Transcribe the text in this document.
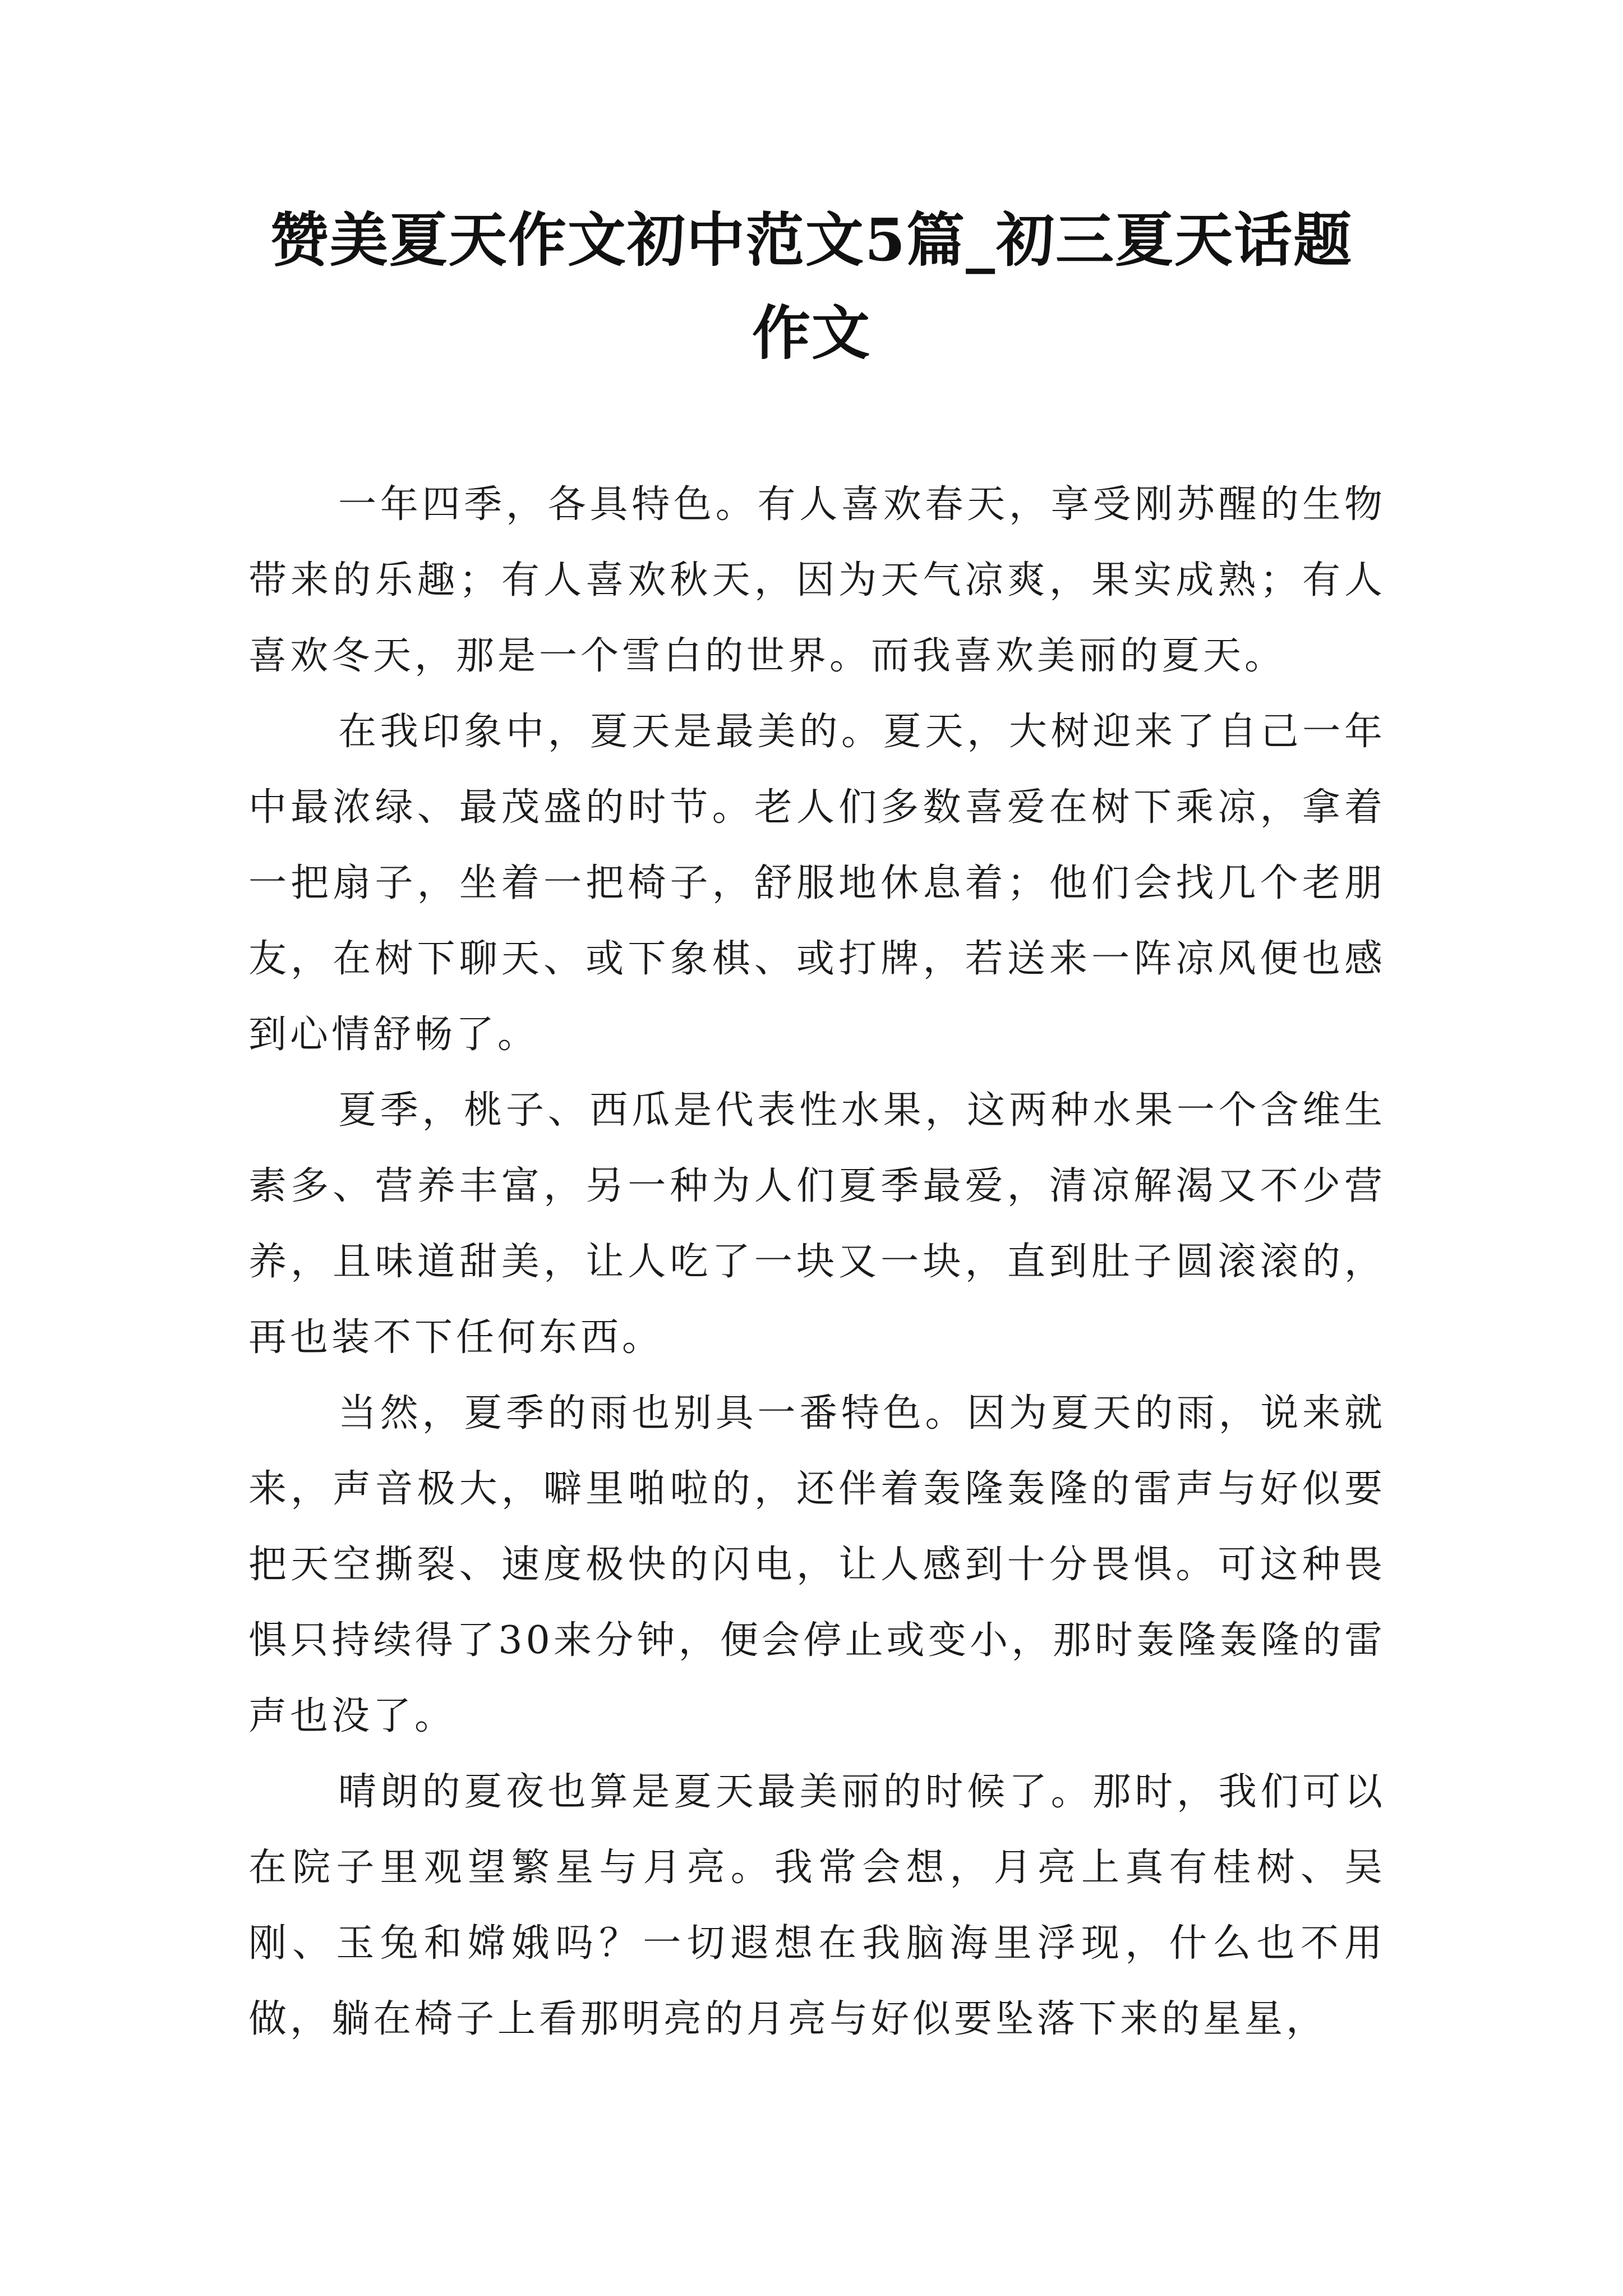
赞美夏天作文初中范文5篇_初三夏天话题
作文

一年四季，各具特色。有人喜欢春天，享受刚苏醒的生物带来的乐趣；有人喜欢秋天，因为天气凉爽，果实成熟；有人喜欢冬天，那是一个雪白的世界。而我喜欢美丽的夏天。

在我印象中，夏天是最美的。夏天，大树迎来了自己一年中最浓绿、最茂盛的时节。老人们多数喜爱在树下乘凉，拿着一把扇子，坐着一把椅子，舒服地休息着；他们会找几个老朋友，在树下聊天、或下象棋、或打牌，若送来一阵凉风便也感到心情舒畅了。

夏季，桃子、西瓜是代表性水果，这两种水果一个含维生素多、营养丰富，另一种为人们夏季最爱，清凉解渴又不少营养，且味道甜美，让人吃了一块又一块，直到肚子圆滚滚的，再也装不下任何东西。

当然，夏季的雨也别具一番特色。因为夏天的雨，说来就来，声音极大，噼里啪啦的，还伴着轰隆轰隆的雷声与好似要把天空撕裂、速度极快的闪电，让人感到十分畏惧。可这种畏惧只持续得了30来分钟，便会停止或变小，那时轰隆轰隆的雷声也没了。

晴朗的夏夜也算是夏天最美丽的时候了。那时，我们可以在院子里观望繁星与月亮。我常会想，月亮上真有桂树、吴刚、玉兔和嫦娥吗？一切遐想在我脑海里浮现，什么也不用做，躺在椅子上看那明亮的月亮与好似要坠落下来的星星，
